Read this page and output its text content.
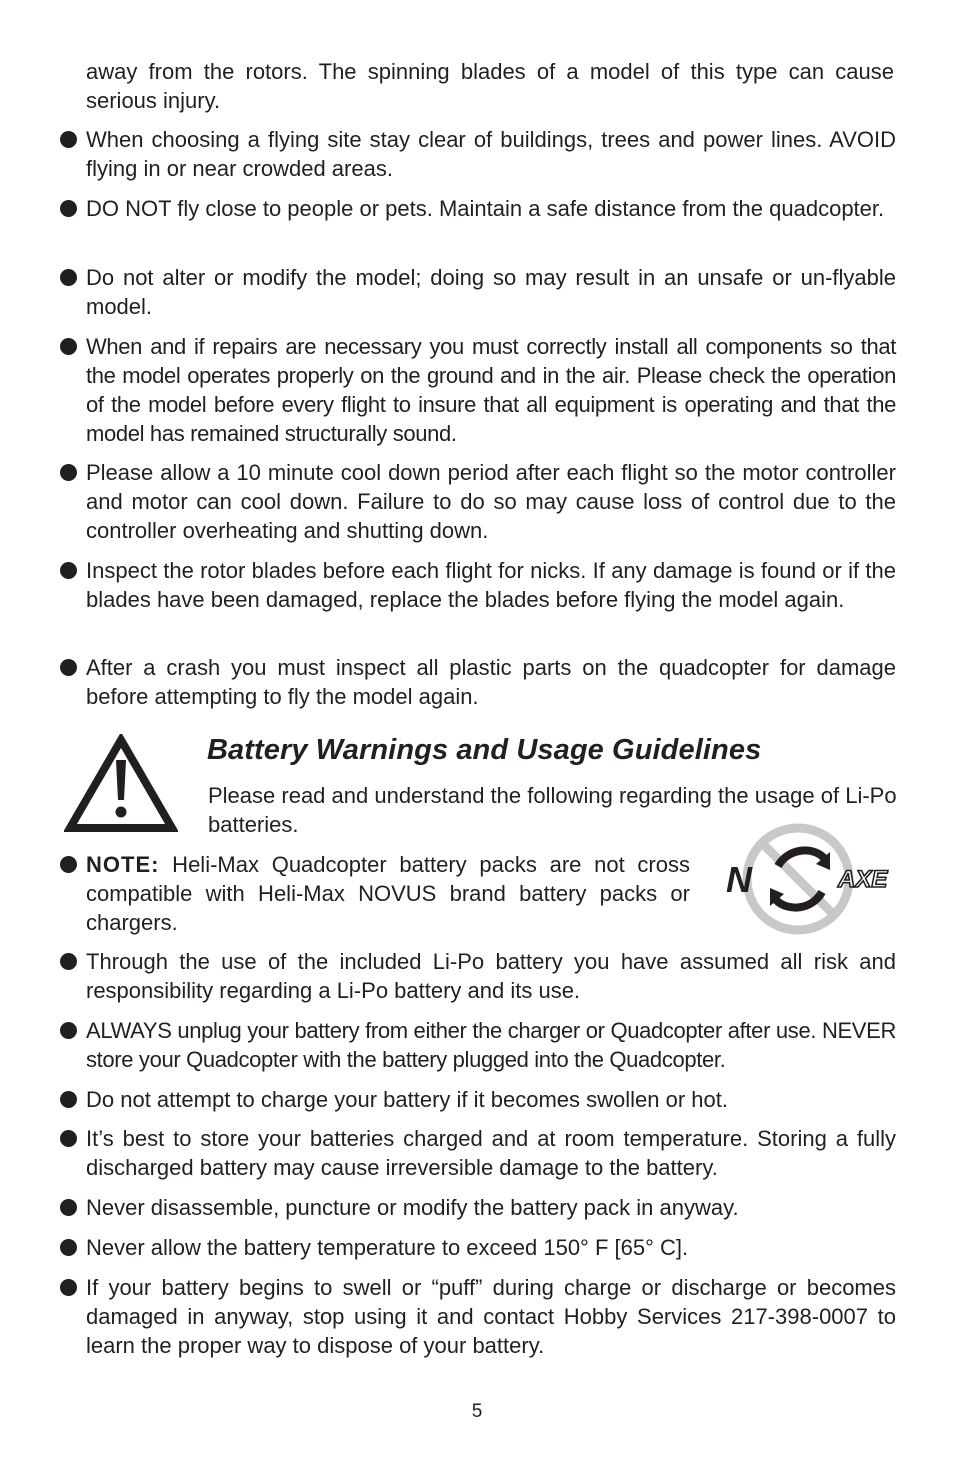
away from the rotors. The spinning blades of a model of this type can cause serious injury.

When choosing a flying site stay clear of buildings, trees and power lines. AVOID flying in or near crowded areas.
DO NOT fly close to people or pets. Maintain a safe distance from the quadcopter.
Do not alter or modify the model; doing so may result in an unsafe or un-flyable model.
When and if repairs are necessary you must correctly install all components so that the model operates properly on the ground and in the air. Please check the operation of the model before every flight to insure that all equipment is operating and that the model has remained structurally sound.
Please allow a 10 minute cool down period after each flight so the motor controller and motor can cool down. Failure to do so may cause loss of control due to the controller overheating and shutting down.
Inspect the rotor blades before each flight for nicks. If any damage is found or if the blades have been damaged, replace the blades before flying the model again.
After a crash you must inspect all plastic parts on the quadcopter for damage before attempting to fly the model again.
Battery Warnings and Usage Guidelines

Please read and understand the following regarding the usage of Li-Po batteries.

NOTE: Heli-Max Quadcopter battery packs are not cross compatible with Heli-Max NOVUS brand battery packs or chargers.
N	AXE
Through the use of the included Li-Po battery you have assumed all risk and responsibility regarding a Li-Po battery and its use.
ALWAYS unplug your battery from either the charger or Quadcopter after use. NEVER store your Quadcopter with the battery plugged into the Quadcopter.
Do not attempt to charge your battery if it becomes swollen or hot.
It’s best to store your batteries charged and at room temperature. Storing a fully discharged battery may cause irreversible damage to the battery.
Never disassemble, puncture or modify the battery pack in anyway.
Never allow the battery temperature to exceed 150° F [65° C].
If your battery begins to swell or “puff” during charge or discharge or becomes damaged in anyway, stop using it and contact Hobby Services 217-398-0007 to learn the proper way to dispose of your battery.

5
